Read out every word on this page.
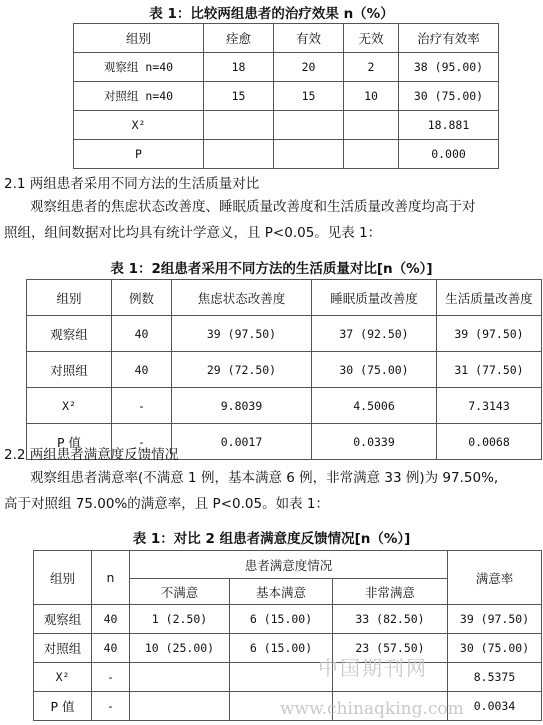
表 1：比较两组患者的治疗效果 n（%）
组别	痊愈	有效	无效	治疗有效率
观察组 n=40	18	20	2	38 (95.00)
对照组 n=40	15	15	10	30 (75.00)
X²				18.881
P				0.000
2.1 两组患者采用不同方法的生活质量对比
观察组患者的焦虑状态改善度、睡眠质量改善度和生活质量改善度均高于对
照组，组间数据对比均具有统计学意义，且 P<0.05。见表 1：
表 1：2组患者采用不同方法的生活质量对比[n（%）]
组别	例数	焦虑状态改善度	睡眠质量改善度	生活质量改善度
观察组	40	39 (97.50)	37 (92.50)	39 (97.50)
对照组	40	29 (72.50)	30 (75.00)	31 (77.50)
X²	-	9.8039	4.5006	7.3143
P 值	-	0.0017	0.0339	0.0068
2.2 两组患者满意度反馈情况
观察组患者满意率(不满意 1 例，基本满意 6 例，非常满意 33 例)为 97.50%,
高于对照组 75.00%的满意率，且 P<0.05。如表 1：
表 1：对比 2 组患者满意度反馈情况[n（%）]
组别	n	患者满意度情况			满意率
		不满意	基本满意	非常满意	
观察组	40	1 (2.50)	6 (15.00)	33 (82.50)	39 (97.50)
对照组	40	10 (25.00)	6 (15.00)	23 (57.50)	30 (75.00)
X²	-				8.5375
P 值	-				0.0034
中国期刊网
www.chinaqking.com
